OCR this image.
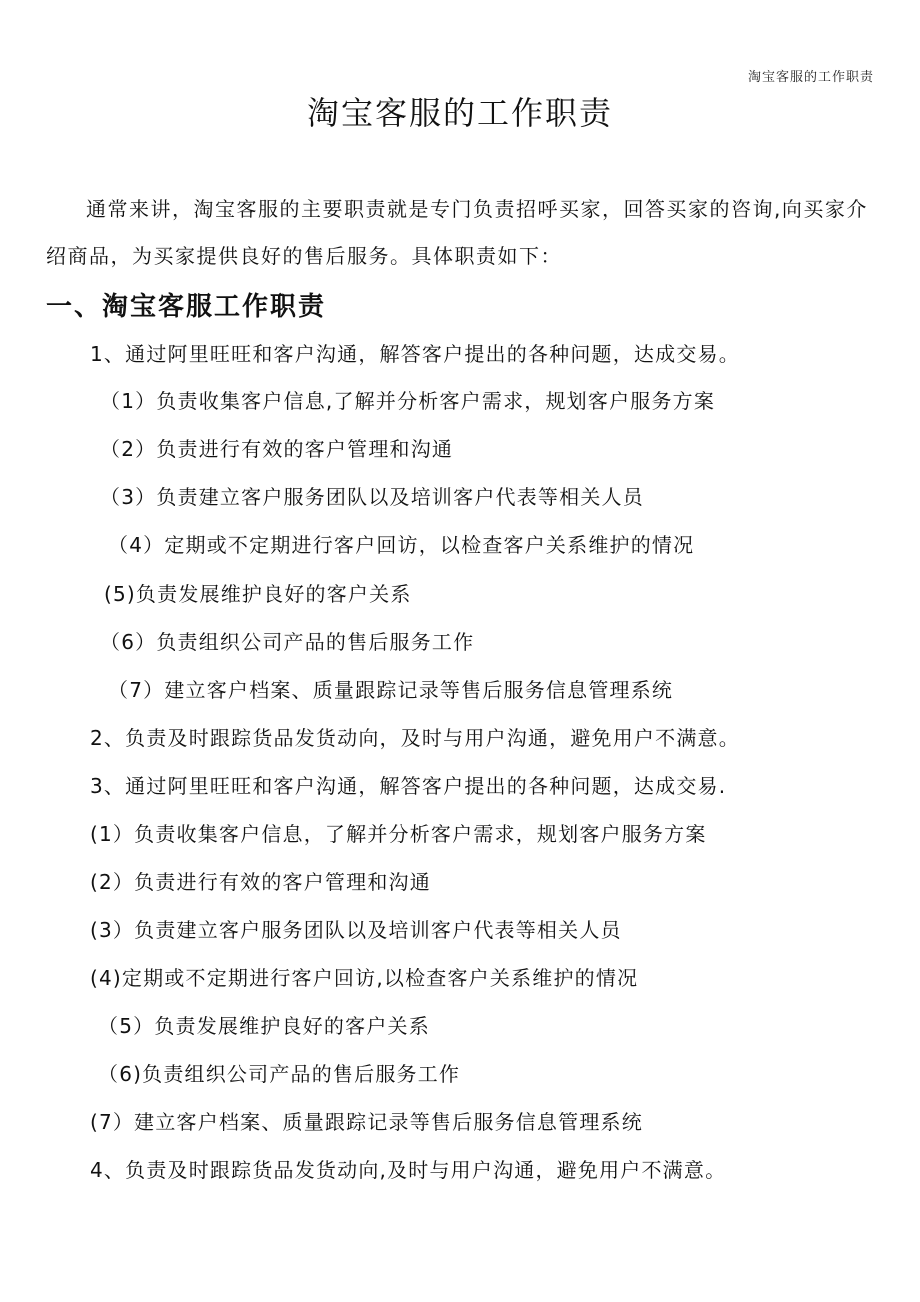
淘宝客服的工作职责
淘宝客服的工作职责

通常来讲，淘宝客服的主要职责就是专门负责招呼买家，回答买家的咨询,向买家介绍商品，为买家提供良好的售后服务。具体职责如下：

一、淘宝客服工作职责
1、通过阿里旺旺和客户沟通，解答客户提出的各种问题，达成交易。
（1）负责收集客户信息,了解并分析客户需求，规划客户服务方案
（2）负责进行有效的客户管理和沟通
（3）负责建立客户服务团队以及培训客户代表等相关人员
（4）定期或不定期进行客户回访，以检查客户关系维护的情况
(5)负责发展维护良好的客户关系
（6）负责组织公司产品的售后服务工作
（7）建立客户档案、质量跟踪记录等售后服务信息管理系统
2、负责及时跟踪货品发货动向，及时与用户沟通，避免用户不满意。
3、通过阿里旺旺和客户沟通，解答客户提出的各种问题，达成交易.
(1）负责收集客户信息，了解并分析客户需求，规划客户服务方案
(2）负责进行有效的客户管理和沟通
(3）负责建立客户服务团队以及培训客户代表等相关人员
(4)定期或不定期进行客户回访,以检查客户关系维护的情况
（5）负责发展维护良好的客户关系
（6)负责组织公司产品的售后服务工作
(7）建立客户档案、质量跟踪记录等售后服务信息管理系统
4、负责及时跟踪货品发货动向,及时与用户沟通，避免用户不满意。
